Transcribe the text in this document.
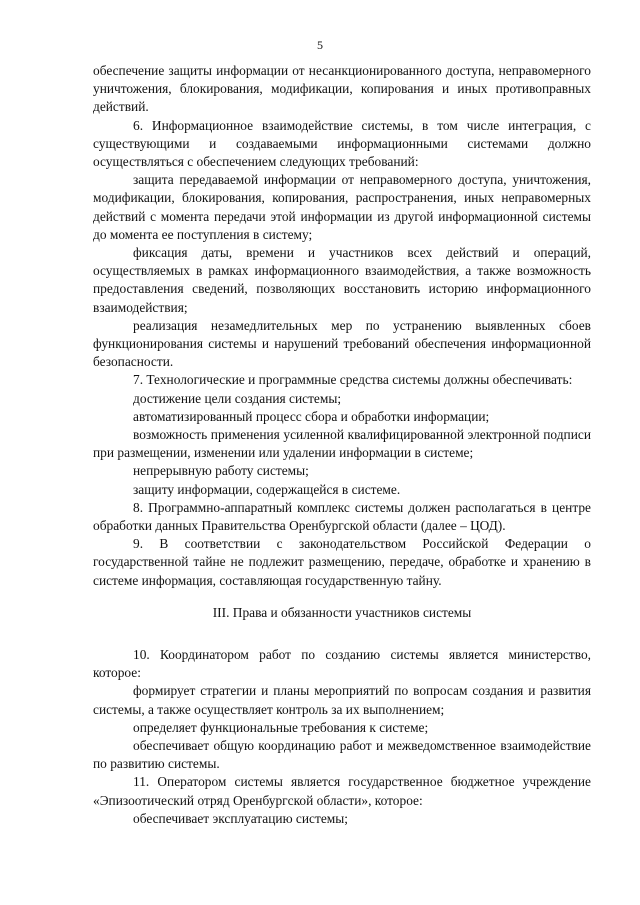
5

обеспечение защиты информации от несанкционированного доступа, неправомерного уничтожения, блокирования, модификации, копирования и иных противоправных действий.

6. Информационное взаимодействие системы, в том числе интеграция, с существующими и создаваемыми информационными системами должно осуществляться с обеспечением следующих требований:

защита передаваемой информации от неправомерного доступа, уничтожения, модификации, блокирования, копирования, распространения, иных неправомерных действий с момента передачи этой информации из другой информационной системы до момента ее поступления в систему;

фиксация даты, времени и участников всех действий и операций, осуществляемых в рамках информационного взаимодействия, а также возможность предоставления сведений, позволяющих восстановить историю информационного взаимодействия;

реализация незамедлительных мер по устранению выявленных сбоев функционирования системы и нарушений требований обеспечения информационной безопасности.

7. Технологические и программные средства системы должны обеспечивать:

достижение цели создания системы;

автоматизированный процесс сбора и обработки информации;

возможность применения усиленной квалифицированной электронной подписи при размещении, изменении или удалении информации в системе;

непрерывную работу системы;

защиту информации, содержащейся в системе.

8. Программно-аппаратный комплекс системы должен располагаться в центре обработки данных Правительства Оренбургской области (далее – ЦОД).

9. В соответствии с законодательством Российской Федерации о государственной тайне не подлежит размещению, передаче, обработке и хранению в системе информация, составляющая государственную тайну.

III. Права и обязанности участников системы

10. Координатором работ по созданию системы является министерство, которое:

формирует стратегии и планы мероприятий по вопросам создания и развития системы, а также осуществляет контроль за их выполнением;

определяет функциональные требования к системе;

обеспечивает общую координацию работ и межведомственное взаимодействие по развитию системы.

11. Оператором системы является государственное бюджетное учреждение «Эпизоотический отряд Оренбургской области», которое:

обеспечивает эксплуатацию системы;
